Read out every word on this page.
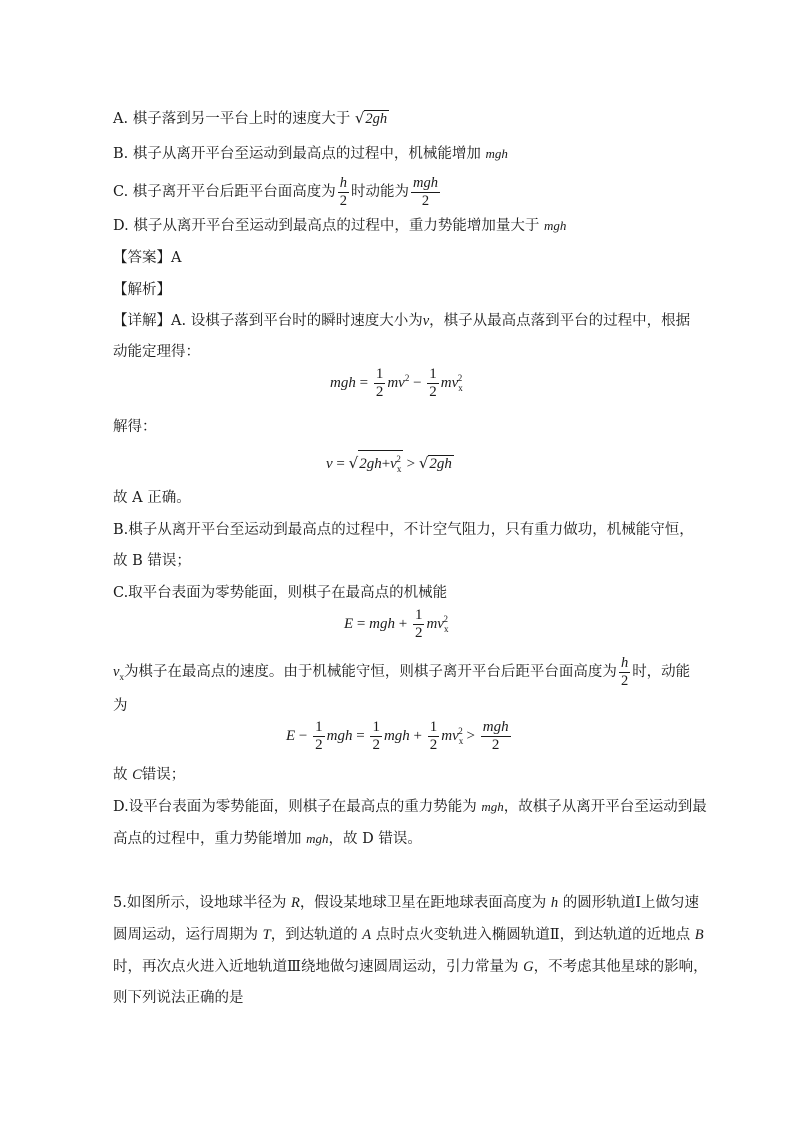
A. 棋子落到另一平台上时的速度大于 √2gh
B. 棋子从离开平台至运动到最高点的过程中，机械能增加 mgh
C. 棋子离开平台后距平台面高度为 $\frac{h}{2}$ 时动能为 $\frac{\text{mgh}}{2}$
D. 棋子从离开平台至运动到最高点的过程中，重力势能增加量大于 mgh
【答案】A
【解析】
【详解】A. 设棋子落到平台时的瞬时速度大小为v，棋子从最高点落到平台的过程中，根据
动能定理得：
mgh = $\frac{1}{2} mv^2 - \frac{1}{2} mv_x^2$
解得：
$v = √2gh+v_x^2 > √2gh$
故 A 正确。
B.棋子从离开平台至运动到最高点的过程中，不计空气阻力，只有重力做功，机械能守恒，
故 B 错误；
C.取平台表面为零势能面，则棋子在最高点的机械能
E = mgh + $\frac{1}{2} mv_x^2$
$v_x$为棋子在最高点的速度。由于机械能守恒，则棋子离开平台后距平台面高度为 $\frac{h}{2}$ 时，动能
为
$E - \frac{1}{2}$ mgh = $\frac{1}{2}$ mgh + $\frac{1}{2} mv_x^2 > \frac{\text{mgh}}{2}$
故 C错误；
D.设平台表面为零势能面，则棋子在最高点的重力势能为 mgh，故棋子从离开平台至运动到最
高点的过程中，重力势能增加 mgh，故 D 错误。
5.如图所示，设地球半径为 R，假设某地球卫星在距地球表面高度为 h 的圆形轨道Ⅰ上做匀速
圆周运动，运行周期为 T，到达轨道的 A 点时点火变轨进入椭圆轨道Ⅱ，到达轨道的近地点 B
时，再次点火进入近地轨道Ⅲ绕地做匀速圆周运动，引力常量为 G，不考虑其他星球的影响，
则下列说法正确的是
